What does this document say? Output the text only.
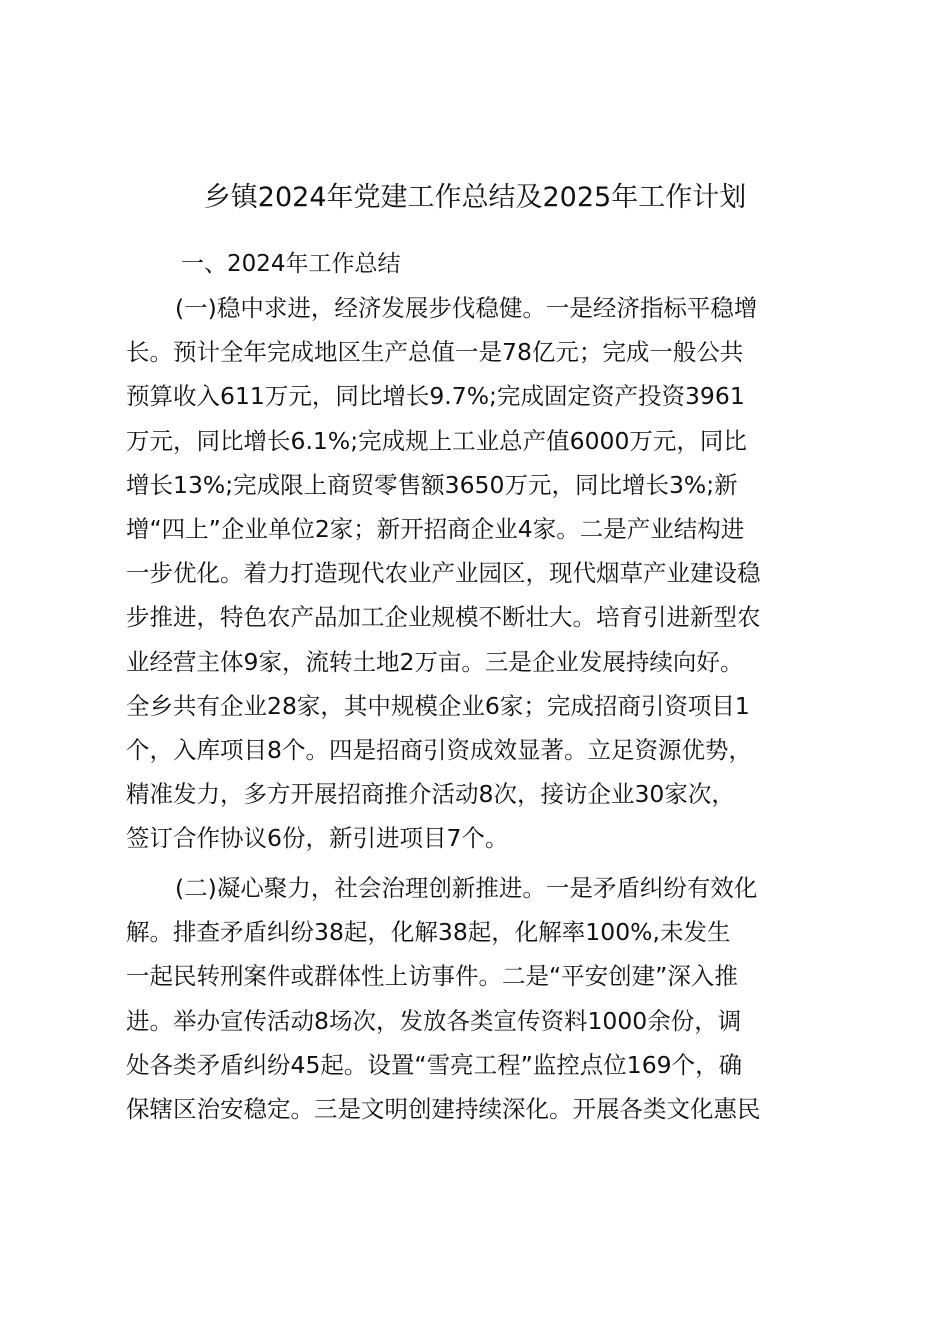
乡镇2024年党建工作总结及2025年工作计划
一、2024年工作总结
(一)稳中求进，经济发展步伐稳健。一是经济指标平稳增
长。预计全年完成地区生产总值一是78亿元；完成一般公共
预算收入611万元，同比增长9.7%;完成固定资产投资3961
万元，同比增长6.1%;完成规上工业总产值6000万元，同比
增长13%;完成限上商贸零售额3650万元，同比增长3%;新
增“四上”企业单位2家；新开招商企业4家。二是产业结构进
一步优化。着力打造现代农业产业园区，现代烟草产业建设稳
步推进，特色农产品加工企业规模不断壮大。培育引进新型农
业经营主体9家，流转土地2万亩。三是企业发展持续向好。
全乡共有企业28家，其中规模企业6家；完成招商引资项目1
个，入库项目8个。四是招商引资成效显著。立足资源优势，
精准发力，多方开展招商推介活动8次，接访企业30家次，
签订合作协议6份，新引进项目7个。
(二)凝心聚力，社会治理创新推进。一是矛盾纠纷有效化
解。排查矛盾纠纷38起，化解38起，化解率100%,未发生
一起民转刑案件或群体性上访事件。二是“平安创建”深入推
进。举办宣传活动8场次，发放各类宣传资料1000余份，调
处各类矛盾纠纷45起。设置“雪亮工程”监控点位169个，确
保辖区治安稳定。三是文明创建持续深化。开展各类文化惠民
